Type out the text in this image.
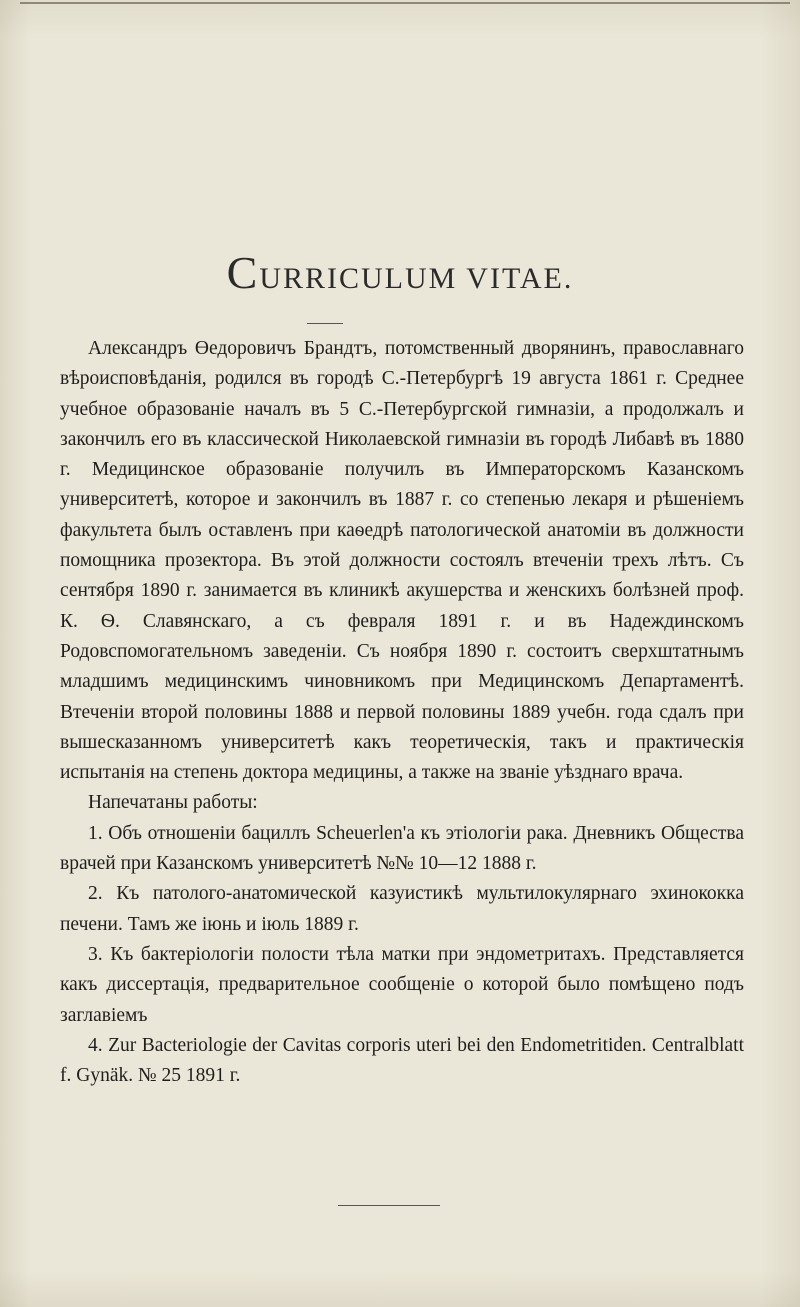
CURRICULUM VITAE.

Александръ Өедоровичъ Брандтъ, потомственный дворянинъ, православнаго вѣроисповѣданія, родился въ городѣ С.-Петербургѣ 19 августа 1861 г. Среднее учебное образованіе началъ въ 5 С.-Петербургской гимназіи, а продолжалъ и закончилъ его въ классической Николаевской гимназіи въ городѣ Либавѣ въ 1880 г. Медицинское образованіе получилъ въ Императорскомъ Казанскомъ университетѣ, которое и закончилъ въ 1887 г. со степенью лекаря и рѣшеніемъ факультета былъ оставленъ при каѳедрѣ патологической анатоміи въ должности помощника прозектора. Въ этой должности состоялъ втеченіи трехъ лѣтъ. Съ сентября 1890 г. занимается въ клиникѣ акушерства и женскихъ болѣзней проф. К. Ѳ. Славянскаго, а съ февраля 1891 г. и въ Надеждинскомъ Родовспомогательномъ заведеніи. Съ ноября 1890 г. состоитъ сверхштатнымъ младшимъ медицинскимъ чиновникомъ при Медицинскомъ Департаментѣ. Втеченіи второй половины 1888 и первой половины 1889 учебн. года сдалъ при вышесказанномъ университетѣ какъ теоретическія, такъ и практическія испытанія на степень доктора медицины, а также на званіе уѣзднаго врача.

Напечатаны работы:

1. Объ отношеніи бациллъ Scheuerlen'а къ этіологіи рака. Дневникъ Общества врачей при Казанскомъ университетѣ №№ 10—12 1888 г.

2. Къ патолого-анатомической казуистикѣ мультилокулярнаго эхинококка печени. Тамъ же іюнь и іюль 1889 г.

3. Къ бактеріологіи полости тѣла матки при эндометритахъ. Представляется какъ диссертація, предварительное сообщеніе о которой было помѣщено подъ заглавіемъ

4. Zur Bacteriologie der Cavitas corporis uteri bei den Endometritiden. Centralblatt f. Gynäk. № 25 1891 г.
